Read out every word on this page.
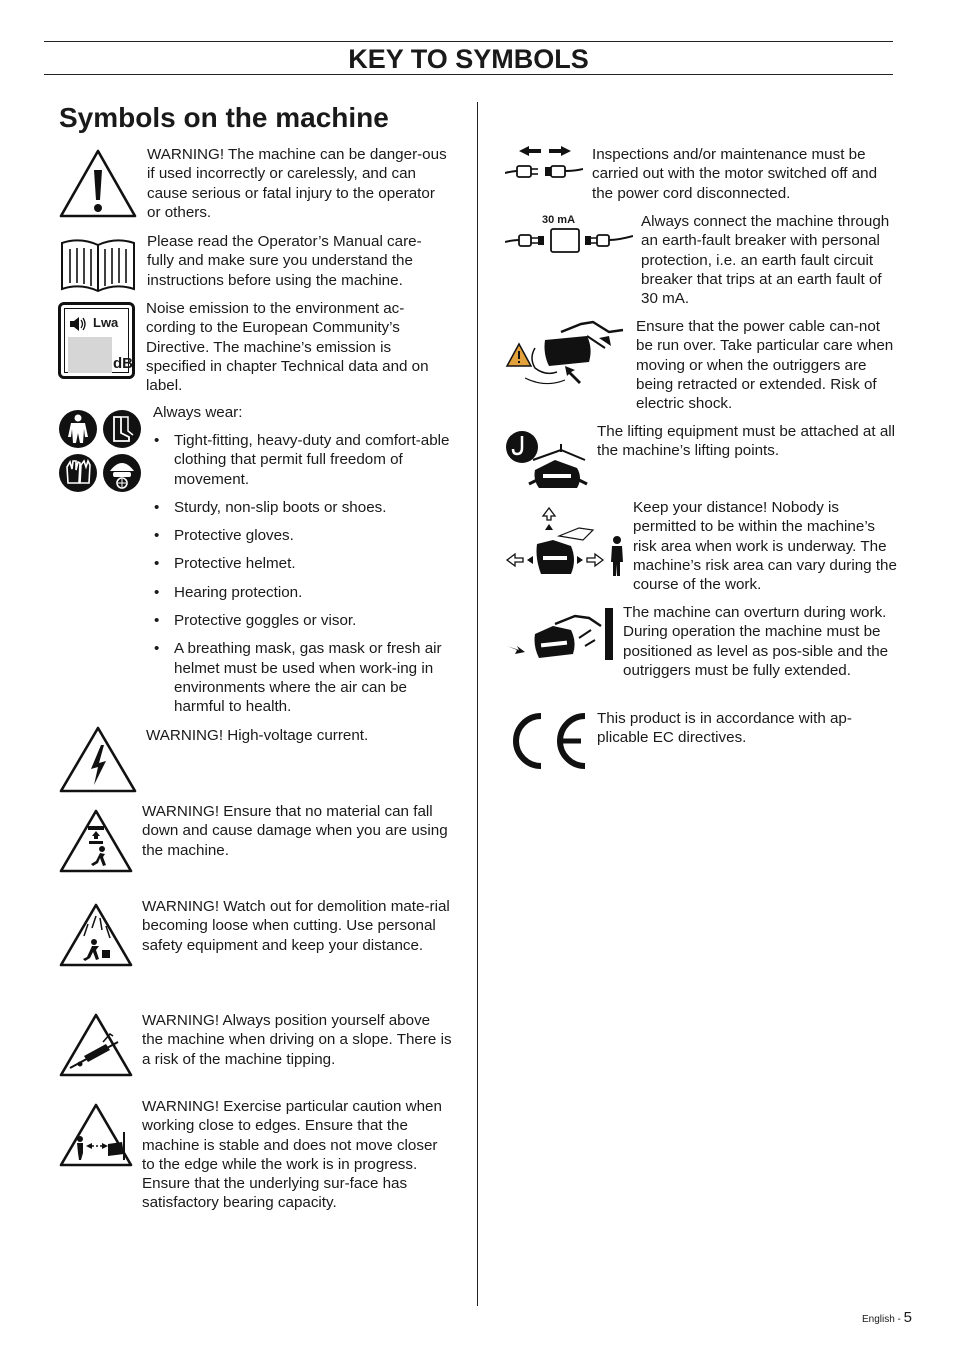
KEY TO SYMBOLS
Symbols on the machine
WARNING! The machine can be danger-ous if used incorrectly or carelessly, and can cause serious or fatal injury to the operator or others.
Please read the Operator’s Manual care-fully and make sure you understand the instructions before using the machine.
Lwa
dB
Noise emission to the environment ac-cording to the European Community’s Directive. The machine’s emission is specified in chapter Technical data and on label.
Always wear:
• Tight-fitting, heavy-duty and comfort-able clothing that permit full freedom of movement.
• Sturdy, non-slip boots or shoes.
• Protective gloves.
• Protective helmet.
• Hearing protection.
• Protective goggles or visor.
• A breathing mask, gas mask or fresh air helmet must be used when work-ing in environments where the air can be harmful to health.
WARNING! High-voltage current.
WARNING! Ensure that no material can fall down and cause damage when you are using the machine.
WARNING! Watch out for demolition mate-rial becoming loose when cutting. Use personal safety equipment and keep your distance.
WARNING! Always position yourself above the machine when driving on a slope. There is a risk of the machine tipping.
WARNING! Exercise particular caution when working close to edges. Ensure that the machine is stable and does not move closer to the edge while the work is in progress. Ensure that the underlying sur-face has satisfactory bearing capacity.
Inspections and/or maintenance must be carried out with the motor switched off and the power cord disconnected.
30 mA	Always connect the machine through an earth-fault breaker with personal protection, i.e. an earth fault circuit breaker that trips at an earth fault of 30 mA.
Ensure that the power cable can-not be run over. Take particular care when moving or when the outriggers are being retracted or extended. Risk of electric shock.
The lifting equipment must be attached at all the machine’s lifting points.
Keep your distance! Nobody is permitted to be within the machine’s risk area when work is underway. The machine’s risk area can vary during the course of the work.
The machine can overturn during work. During operation the machine must be positioned as level as pos-sible and the outriggers must be fully extended.
This product is in accordance with ap-plicable EC directives.
English - 5
